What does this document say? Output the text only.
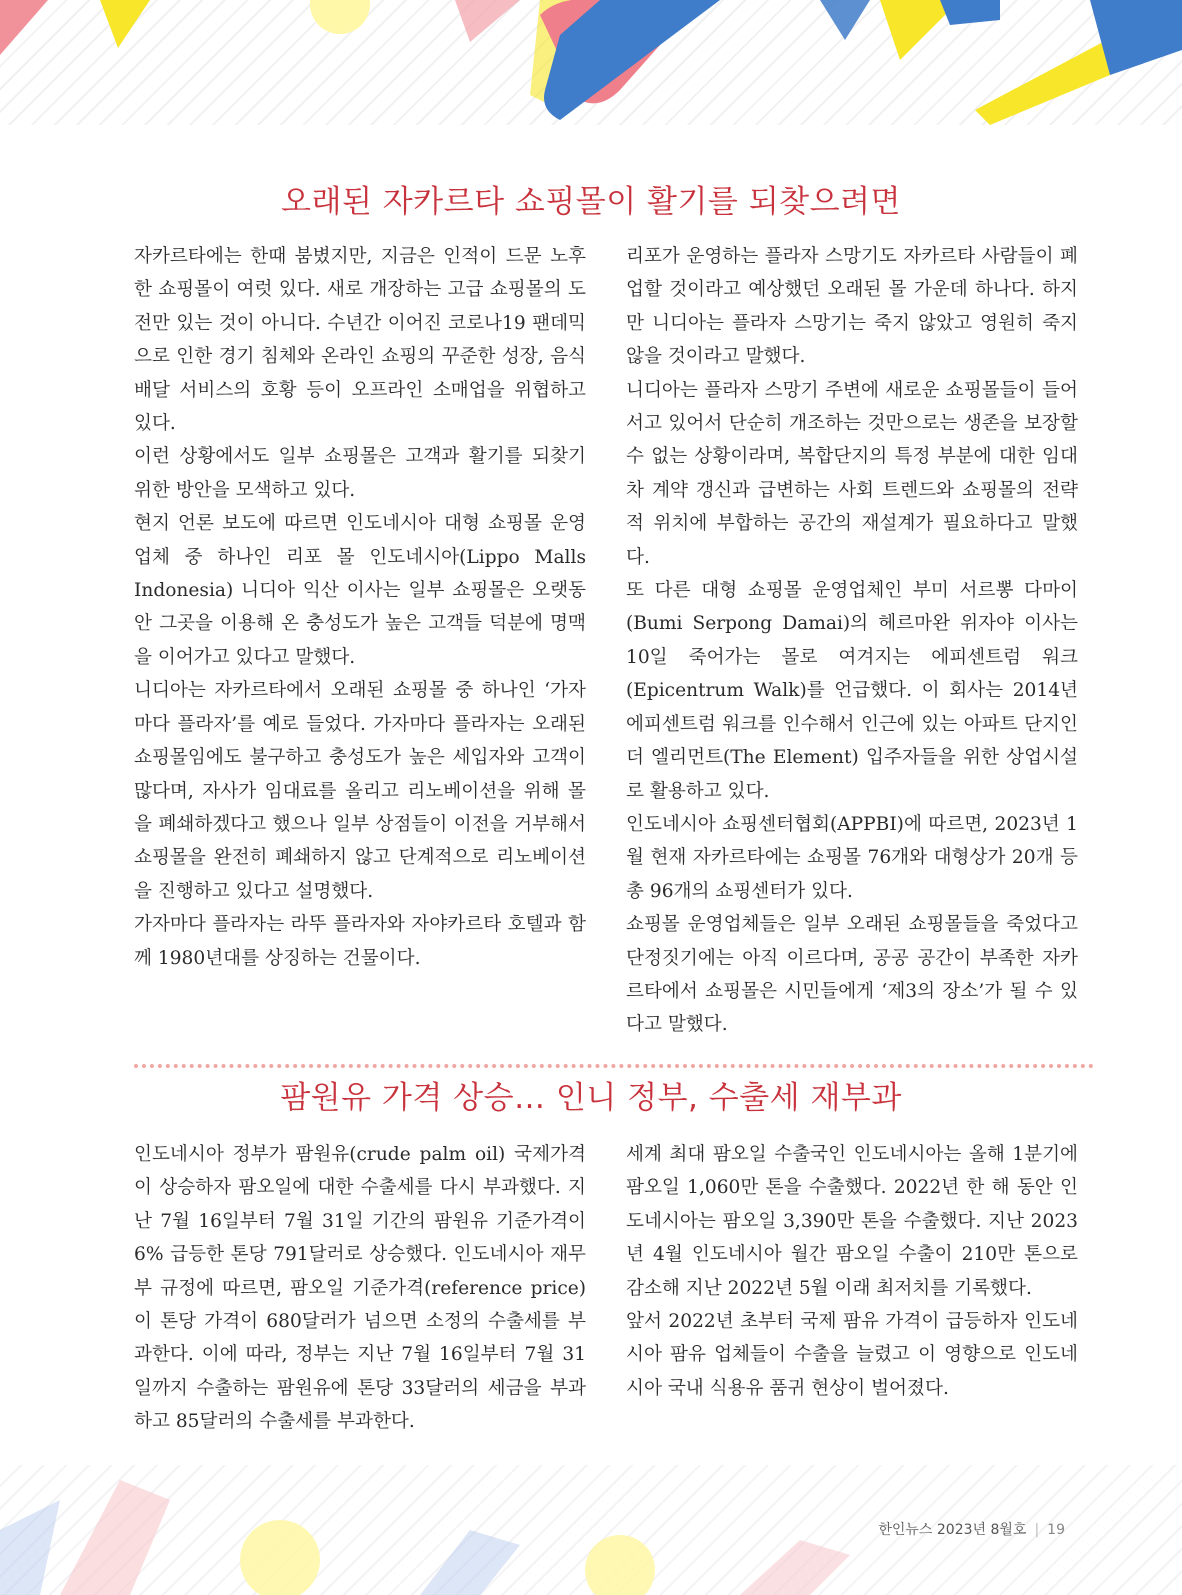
오래된 자카르타 쇼핑몰이 활기를 되찾으려면

자카르타에는 한때 붐볐지만, 지금은 인적이 드문 노후한 쇼핑몰이 여럿 있다. 새로 개장하는 고급 쇼핑몰의 도전만 있는 것이 아니다. 수년간 이어진 코로나19 팬데믹으로 인한 경기 침체와 온라인 쇼핑의 꾸준한 성장, 음식 배달 서비스의 호황 등이 오프라인 소매업을 위협하고 있다.

이런 상황에서도 일부 쇼핑몰은 고객과 활기를 되찾기 위한 방안을 모색하고 있다.

현지 언론 보도에 따르면 인도네시아 대형 쇼핑몰 운영업체 중 하나인 리포 몰 인도네시아(Lippo Malls Indonesia) 니디아 익산 이사는 일부 쇼핑몰은 오랫동안 그곳을 이용해 온 충성도가 높은 고객들 덕분에 명맥을 이어가고 있다고 말했다.

니디아는 자카르타에서 오래된 쇼핑몰 중 하나인 ‘가자마다 플라자’를 예로 들었다. 가자마다 플라자는 오래된 쇼핑몰임에도 불구하고 충성도가 높은 세입자와 고객이 많다며, 자사가 임대료를 올리고 리노베이션을 위해 몰을 폐쇄하겠다고 했으나 일부 상점들이 이전을 거부해서 쇼핑몰을 완전히 폐쇄하지 않고 단계적으로 리노베이션을 진행하고 있다고 설명했다.

가자마다 플라자는 라뚜 플라자와 자야카르타 호텔과 함께 1980년대를 상징하는 건물이다.

리포가 운영하는 플라자 스망기도 자카르타 사람들이 폐업할 것이라고 예상했던 오래된 몰 가운데 하나다. 하지만 니디아는 플라자 스망기는 죽지 않았고 영원히 죽지 않을 것이라고 말했다.

니디아는 플라자 스망기 주변에 새로운 쇼핑몰들이 들어서고 있어서 단순히 개조하는 것만으로는 생존을 보장할 수 없는 상황이라며, 복합단지의 특정 부분에 대한 임대차 계약 갱신과 급변하는 사회 트렌드와 쇼핑몰의 전략적 위치에 부합하는 공간의 재설계가 필요하다고 말했다.

또 다른 대형 쇼핑몰 운영업체인 부미 서르뽕 다마이(Bumi Serpong Damai)의 헤르마완 위자야 이사는 10일 죽어가는 몰로 여겨지는 에피센트럼 워크(Epicentrum Walk)를 언급했다. 이 회사는 2014년 에피센트럼 워크를 인수해서 인근에 있는 아파트 단지인 더 엘리먼트(The Element) 입주자들을 위한 상업시설로 활용하고 있다.

인도네시아 쇼핑센터협회(APPBI)에 따르면, 2023년 1월 현재 자카르타에는 쇼핑몰 76개와 대형상가 20개 등 총 96개의 쇼핑센터가 있다.

쇼핑몰 운영업체들은 일부 오래된 쇼핑몰들을 죽었다고 단정짓기에는 아직 이르다며, 공공 공간이 부족한 자카르타에서 쇼핑몰은 시민들에게 ‘제3의 장소’가 될 수 있다고 말했다.

팜원유 가격 상승… 인니 정부, 수출세 재부과

인도네시아 정부가 팜원유(crude palm oil) 국제가격이 상승하자 팜오일에 대한 수출세를 다시 부과했다. 지난 7월 16일부터 7월 31일 기간의 팜원유 기준가격이 6% 급등한 톤당 791달러로 상승했다. 인도네시아 재무부 규정에 따르면, 팜오일 기준가격(reference price)이 톤당 가격이 680달러가 넘으면 소정의 수출세를 부과한다. 이에 따라, 정부는 지난 7월 16일부터 7월 31일까지 수출하는 팜원유에 톤당 33달러의 세금을 부과하고 85달러의 수출세를 부과한다.

세계 최대 팜오일 수출국인 인도네시아는 올해 1분기에 팜오일 1,060만 톤을 수출했다. 2022년 한 해 동안 인도네시아는 팜오일 3,390만 톤을 수출했다. 지난 2023년 4월 인도네시아 월간 팜오일 수출이 210만 톤으로 감소해 지난 2022년 5월 이래 최저치를 기록했다.

앞서 2022년 초부터 국제 팜유 가격이 급등하자 인도네시아 팜유 업체들이 수출을 늘렸고 이 영향으로 인도네시아 국내 식용유 품귀 현상이 벌어졌다.

한인뉴스 2023년 8월호 | 19
